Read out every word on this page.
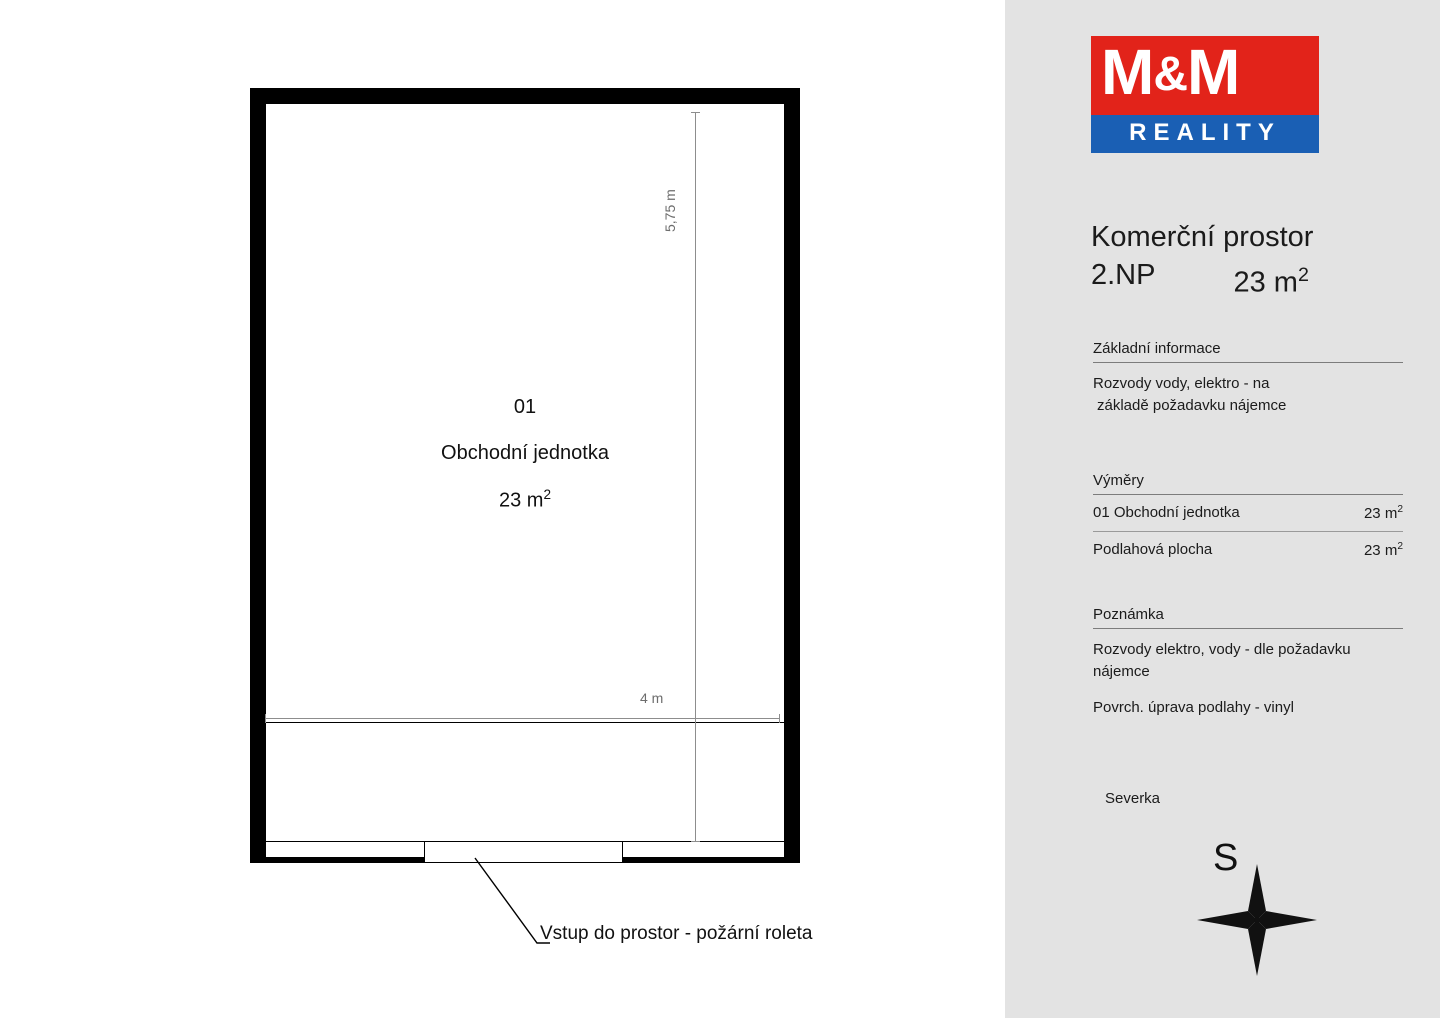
01
Obchodní jednotka
23 $m^2$
5,75 m
4 m
Vstup do prostor - požární roleta
M&M
REALITY
Komerční prostor
2.NP	23 $m^2$
Základní informace
Rozvody vody, elektro - na
základě požadavku nájemce
Výměry
01 Obchodní jednotka	23 $m^2$
Podlahová plocha	23 $m^2$
Poznámka
Rozvody elektro, vody - dle požadavku
nájemce
Povrch. úprava podlahy - vinyl
Severka
S
